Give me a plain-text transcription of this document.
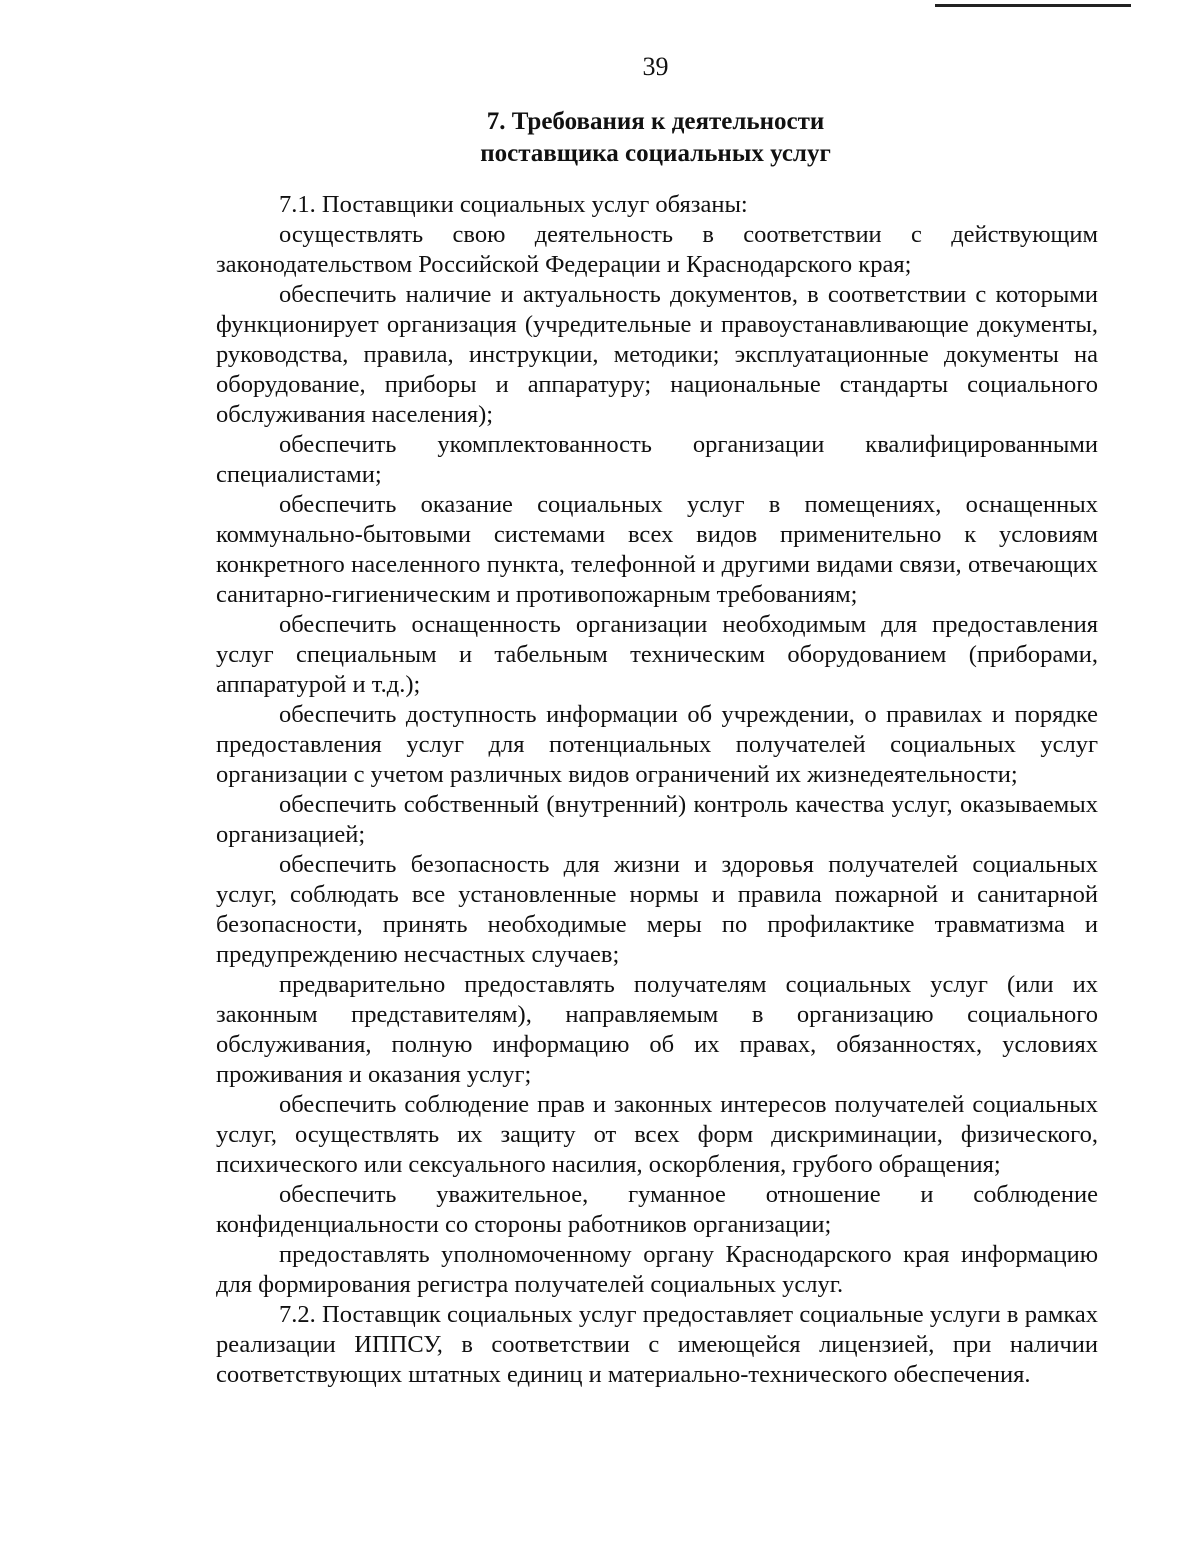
39
7. Требования к деятельности
поставщика социальных услуг

7.1. Поставщики социальных услуг обязаны:

осуществлять свою деятельность в соответствии с действующим законодательством Российской Федерации и Краснодарского края;

обеспечить наличие и актуальность документов, в соответствии с которыми функционирует организация (учредительные и правоустанавливающие документы, руководства, правила, инструкции, методики; эксплуатационные документы на оборудование, приборы и аппаратуру; национальные стандарты социального обслуживания населения);

обеспечить укомплектованность организации квалифицированными специалистами;

обеспечить оказание социальных услуг в помещениях, оснащенных коммунально-бытовыми системами всех видов применительно к условиям конкретного населенного пункта, телефонной и другими видами связи, отвечающих санитарно-гигиеническим и противопожарным требованиям;

обеспечить оснащенность организации необходимым для предоставления услуг специальным и табельным техническим оборудованием (приборами, аппаратурой и т.д.);

обеспечить доступность информации об учреждении, о правилах и порядке предоставления услуг для потенциальных получателей социальных услуг организации с учетом различных видов ограничений их жизнедеятельности;

обеспечить собственный (внутренний) контроль качества услуг, оказываемых организацией;

обеспечить безопасность для жизни и здоровья получателей социальных услуг, соблюдать все установленные нормы и правила пожарной и санитарной безопасности, принять необходимые меры по профилактике травматизма и предупреждению несчастных случаев;

предварительно предоставлять получателям социальных услуг (или их законным представителям), направляемым в организацию социального обслуживания, полную информацию об их правах, обязанностях, условиях проживания и оказания услуг;

обеспечить соблюдение прав и законных интересов получателей социальных услуг, осуществлять их защиту от всех форм дискриминации, физического, психического или сексуального насилия, оскорбления, грубого обращения;

обеспечить уважительное, гуманное отношение и соблюдение конфиденциальности со стороны работников организации;

предоставлять уполномоченному органу Краснодарского края информацию для формирования регистра получателей социальных услуг.

7.2. Поставщик социальных услуг предоставляет социальные услуги в рамках реализации ИППСУ, в соответствии с имеющейся лицензией, при наличии соответствующих штатных единиц и материально-технического обеспечения.
